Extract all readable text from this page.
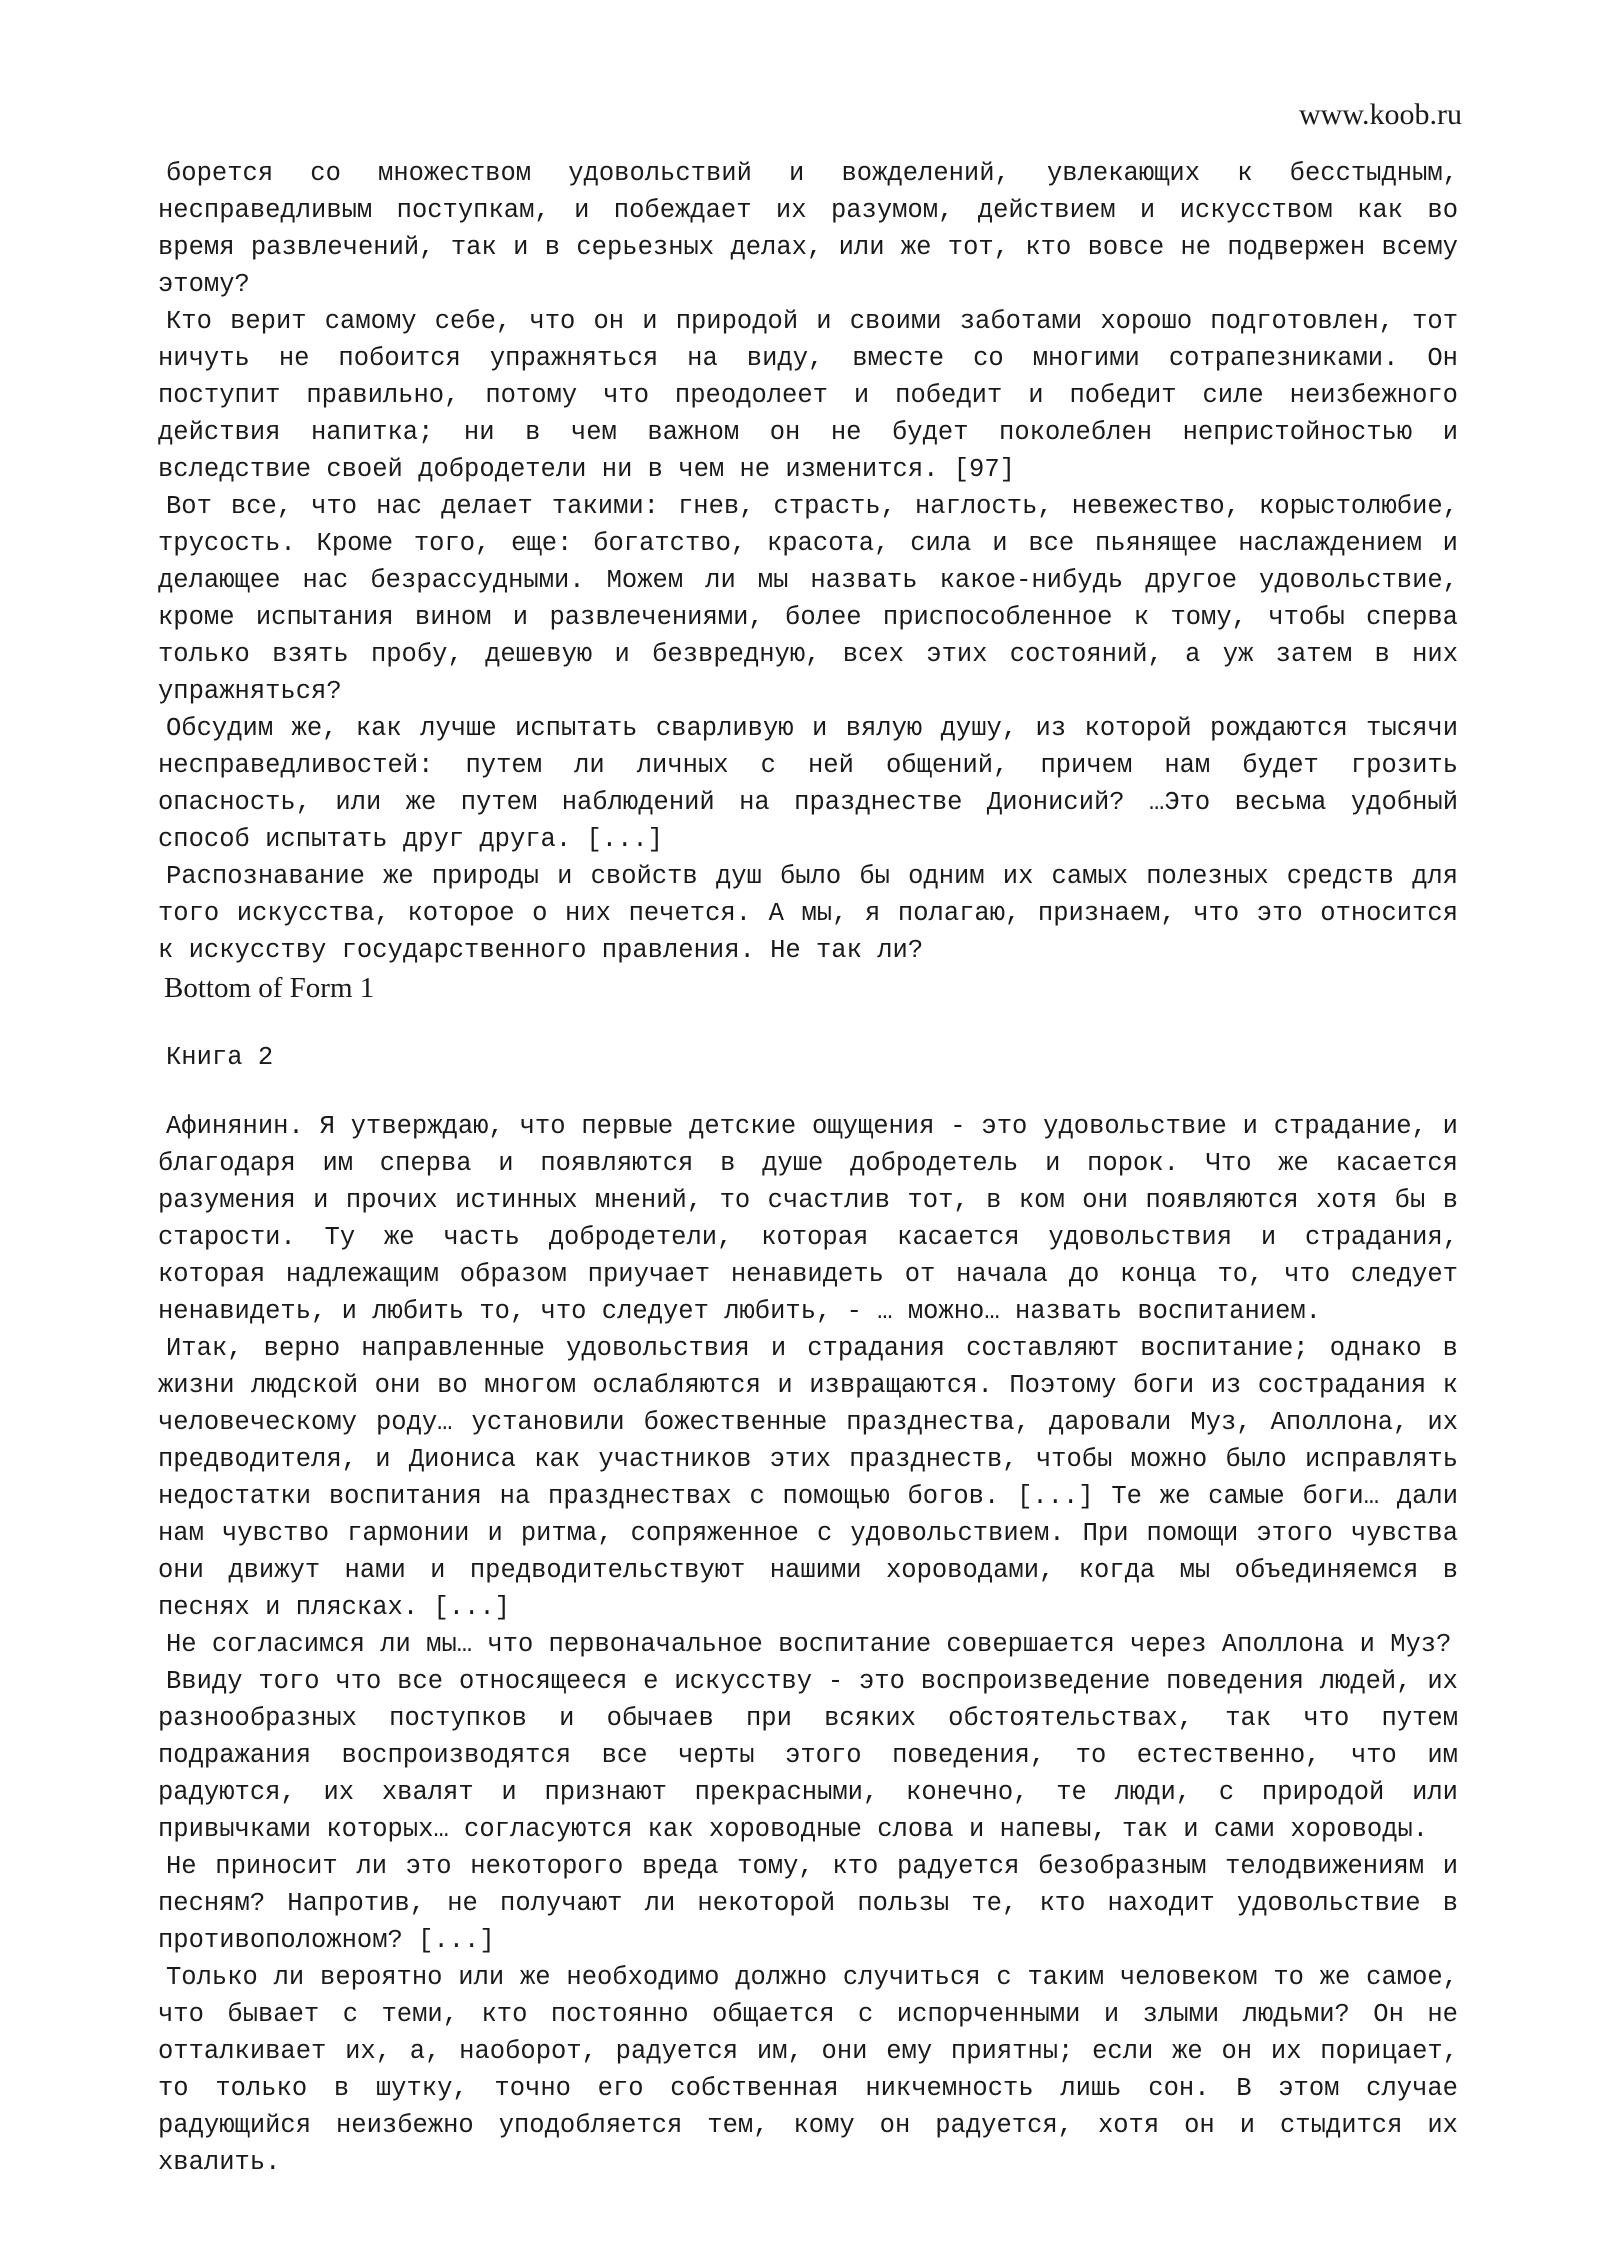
www.koob.ru

борется со множеством удовольствий и вожделений, увлекающих к бесстыдным, несправедливым поступкам, и побеждает их разумом, действием и искусством как во время развлечений, так и в серьезных делах, или же тот, кто вовсе не подвержен всему этому?

Кто верит самому себе, что он и природой и своими заботами хорошо подготовлен, тот ничуть не побоится упражняться на виду, вместе со многими сотрапезниками. Он поступит правильно, потому что преодолеет и победит и победит силе неизбежного действия напитка; ни в чем важном он не будет поколеблен непристойностью и вследствие своей добродетели ни в чем не изменится. [97]

Вот все, что нас делает такими: гнев, страсть, наглость, невежество, корыстолюбие, трусость. Кроме того, еще: богатство, красота, сила и все пьянящее наслаждением и делающее нас безрассудными. Можем ли мы назвать какое-нибудь другое удовольствие, кроме испытания вином и развлечениями, более приспособленное к тому, чтобы сперва только взять пробу, дешевую и безвредную, всех этих состояний, а уж затем в них упражняться?

Обсудим же, как лучше испытать сварливую и вялую душу, из которой рождаются тысячи несправедливостей: путем ли личных с ней общений, причем нам будет грозить опасность, или же путем наблюдений на празднестве Дионисий? …Это весьма удобный способ испытать друг друга. [...]

Распознавание же природы и свойств душ было бы одним их самых полезных средств для того искусства, которое о них печется. А мы, я полагаю, признаем, что это относится к искусству государственного правления. Не так ли?

Bottom of Form 1

Книга 2

Афинянин. Я утверждаю, что первые детские ощущения - это удовольствие и страдание, и благодаря им сперва и появляются в душе добродетель и порок. Что же касается разумения и прочих истинных мнений, то счастлив тот, в ком они появляются хотя бы в старости. Ту же часть добродетели, которая касается удовольствия и страдания, которая надлежащим образом приучает ненавидеть от начала до конца то, что следует ненавидеть, и любить то, что следует любить, - … можно… назвать воспитанием.

Итак, верно направленные удовольствия и страдания составляют воспитание; однако в жизни людской они во многом ослабляются и извращаются. Поэтому боги из сострадания к человеческому роду… установили божественные празднества, даровали Муз, Аполлона, их предводителя, и Диониса как участников этих празднеств, чтобы можно было исправлять недостатки воспитания на празднествах с помощью богов. [...] Те же самые боги… дали нам чувство гармонии и ритма, сопряженное с удовольствием. При помощи этого чувства они движут нами и предводительствуют нашими хороводами, когда мы объединяемся в песнях и плясках. [...]

Не согласимся ли мы… что первоначальное воспитание совершается через Аполлона и Муз?

Ввиду того что все относящееся е искусству - это воспроизведение поведения людей, их разнообразных поступков и обычаев при всяких обстоятельствах, так что путем подражания воспроизводятся все черты этого поведения, то естественно, что им радуются, их хвалят и признают прекрасными, конечно, те люди, с природой или привычками которых… согласуются как хороводные слова и напевы, так и сами хороводы.

Не приносит ли это некоторого вреда тому, кто радуется безобразным телодвижениям и песням? Напротив, не получают ли некоторой пользы те, кто находит удовольствие в противоположном? [...]

Только ли вероятно или же необходимо должно случиться с таким человеком то же самое, что бывает с теми, кто постоянно общается с испорченными и злыми людьми? Он не отталкивает их, а, наоборот, радуется им, они ему приятны; если же он их порицает, то только в шутку, точно его собственная никчемность лишь сон. В этом случае радующийся неизбежно уподобляется тем, кому он радуется, хотя он и стыдится их хвалить.
